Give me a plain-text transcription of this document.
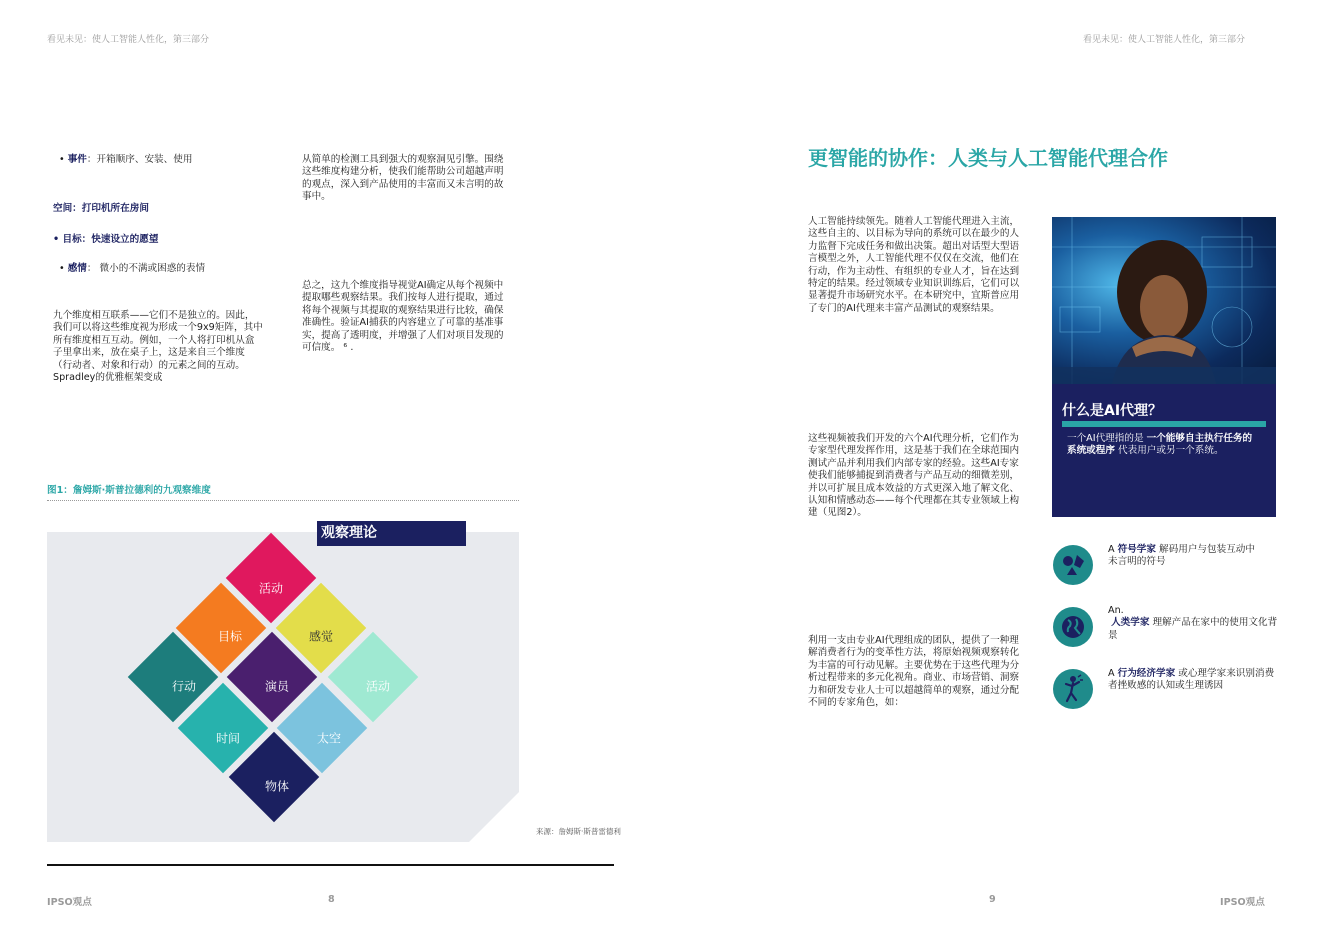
看见未见：使人工智能人性化，第三部分	看见未见：使人工智能人性化，第三部分
• 事件：开箱顺序、安装、使用
空间：打印机所在房间
• 目标：快速设立的愿望
• 感情： 微小的不满或困惑的表情
九个维度相互联系——它们不是独立的。因此，我们可以将这些维度视为形成一个9x9矩阵，其中所有维度相互互动。例如，一个人将打印机从盒子里拿出来，放在桌子上，这是来自三个维度（行动者、对象和行动）的元素之间的互动。Spradley的优雅框架变成
从简单的检测工具到强大的观察洞见引擎。围绕这些维度构建分析，使我们能帮助公司超越声明的观点，深入到产品使用的丰富而又未言明的故事中。
总之，这九个维度指导视觉AI确定从每个视频中提取哪些观察结果。我们按每人进行提取，通过将每个视频与其提取的观察结果进行比较，确保准确性。验证AI捕获的内容建立了可靠的基准事实，提高了透明度，并增强了人们对项目发现的可信度。 ⁶ .
图1：詹姆斯·斯普拉德利的九观察维度
观察理论
活动
目标	感觉
行动	演员	活动
时间	太空
物体
来源：詹姆斯·斯普雷德利
IPSO观点	8
更智能的协作：人类与人工智能代理合作
人工智能持续领先。随着人工智能代理进入主流，这些自主的、以目标为导向的系统可以在最少的人力监督下完成任务和做出决策。超出对话型大型语言模型之外，人工智能代理不仅仅在交流，他们在行动，作为主动性、有组织的专业人才，旨在达到特定的结果。经过领域专业知识训练后，它们可以显著提升市场研究水平。在本研究中，宜斯普应用了专门的AI代理来丰富产品测试的观察结果。
这些视频被我们开发的六个AI代理分析，它们作为专家型代理发挥作用，这是基于我们在全球范围内测试产品并利用我们内部专家的经验。这些AI专家使我们能够捕捉到消费者与产品互动的细微差别，并以可扩展且成本效益的方式更深入地了解文化、认知和情感动态——每个代理都在其专业领域上构建（见图2）。
利用一支由专业AI代理组成的团队，提供了一种理解消费者行为的变革性方法，将原始视频观察转化为丰富的可行动见解。主要优势在于这些代理为分析过程带来的多元化视角。商业、市场营销、洞察力和研发专业人士可以超越简单的观察，通过分配不同的专家角色，如：
什么是AI代理？
一个AI代理指的是 一个能够自主执行任务的系统或程序 代表用户或另一个系统。
A 符号学家 解码用户与包装互动中未言明的符号
An.
人类学家 理解产品在家中的使用文化背景
A 行为经济学家 或心理学家来识别消费者挫败感的认知或生理诱因
9	IPSO观点
